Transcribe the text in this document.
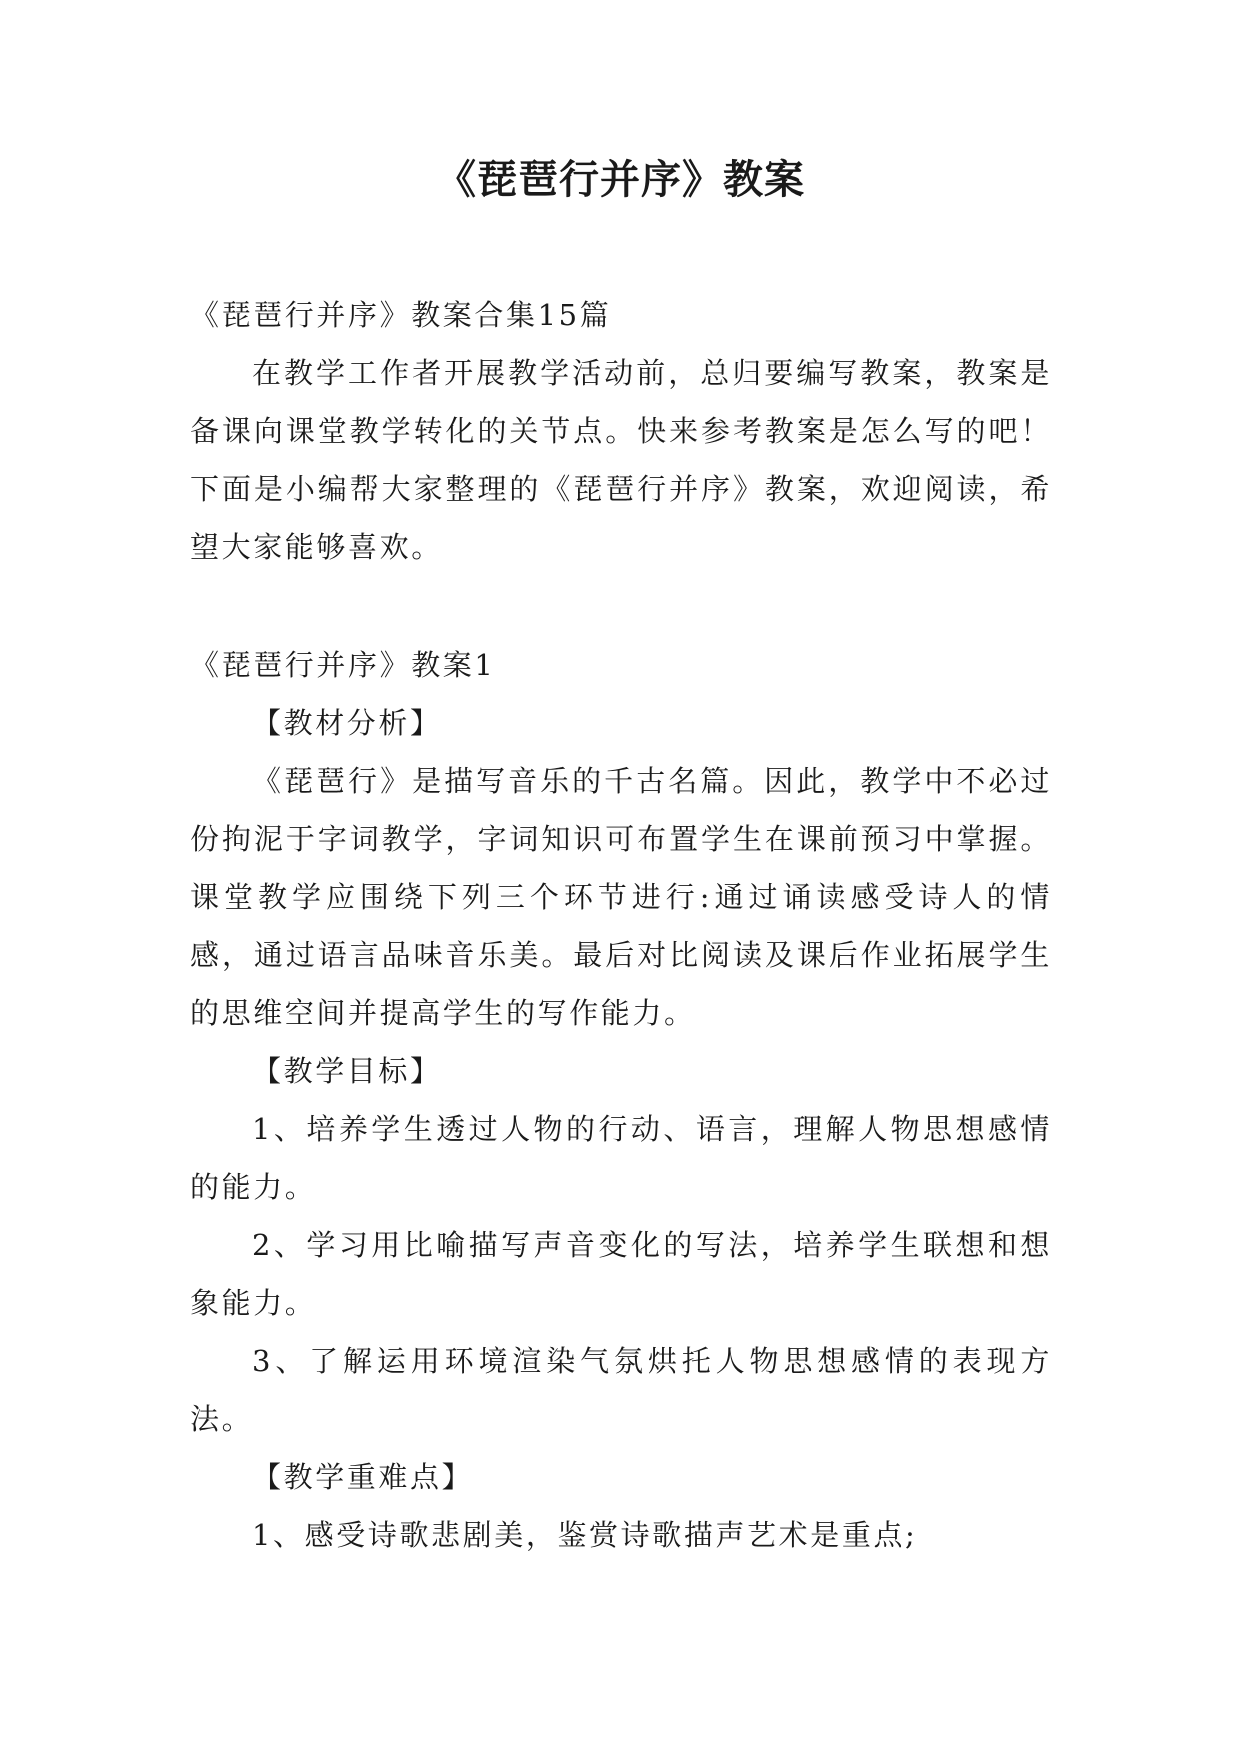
《琵琶行并序》教案

《琵琶行并序》教案合集15篇

在教学工作者开展教学活动前，总归要编写教案，教案是备课向课堂教学转化的关节点。快来参考教案是怎么写的吧！下面是小编帮大家整理的《琵琶行并序》教案，欢迎阅读，希望大家能够喜欢。

《琵琶行并序》教案1

【教材分析】

《琵琶行》是描写音乐的千古名篇。因此，教学中不必过份拘泥于字词教学，字词知识可布置学生在课前预习中掌握。课堂教学应围绕下列三个环节进行:通过诵读感受诗人的情感，通过语言品味音乐美。最后对比阅读及课后作业拓展学生的思维空间并提高学生的写作能力。

【教学目标】

1、培养学生透过人物的行动、语言，理解人物思想感情的能力。

2、学习用比喻描写声音变化的写法，培养学生联想和想象能力。

3、了解运用环境渲染气氛烘托人物思想感情的表现方法。

【教学重难点】

1、感受诗歌悲剧美，鉴赏诗歌描声艺术是重点;
